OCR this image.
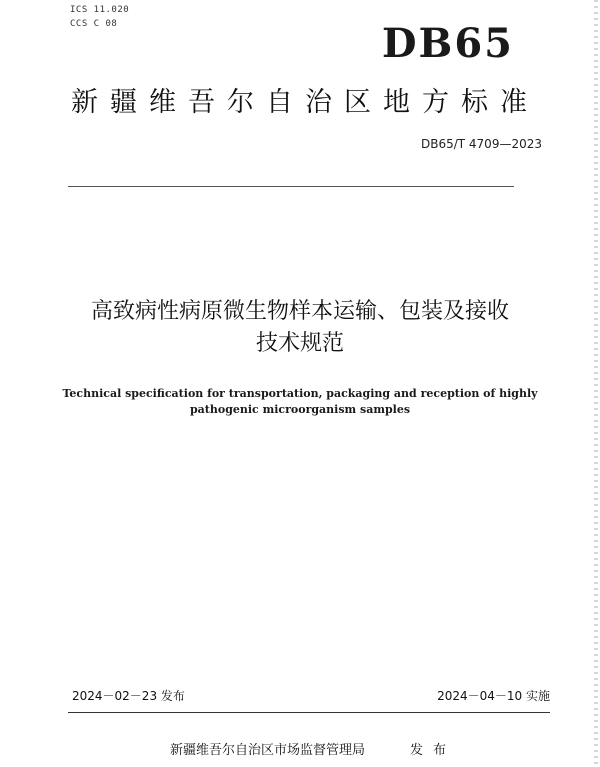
ICS 11.020
CCS C 08	DB65
新疆维吾尔自治区地方标准
DB65/T 4709—2023
高致病性病原微生物样本运输、包装及接收
技术规范
Technical specification for transportation, packaging and reception of highly
pathogenic microorganism samples
2024－02－23 发布	2024－04－10 实施
新疆维吾尔自治区市场监督管理局	发布
